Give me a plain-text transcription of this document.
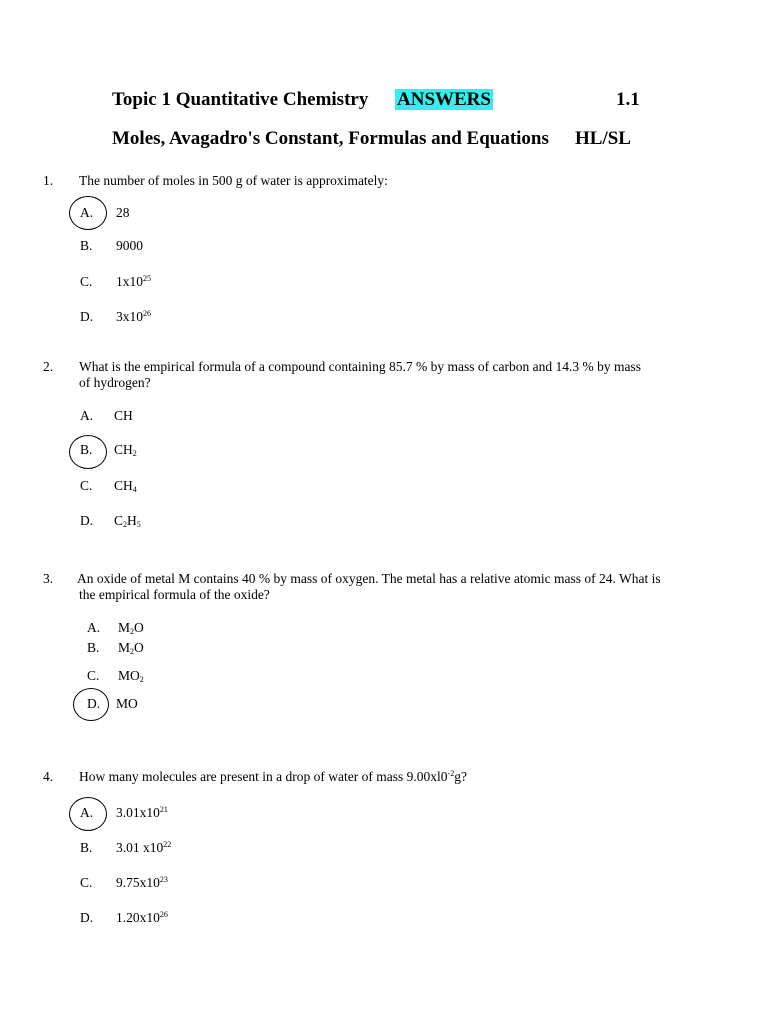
Topic 1 Quantitative Chemistry ANSWERS	1.1
Moles, Avagadro's Constant, Formulas and Equations HL/SL
1. The number of moles in 500 g of water is approximately:
A. 28
B. 9000
C. $1x10^{25}$
D. $3x10^{26}$
2. What is the empirical formula of a compound containing 85.7 % by mass of carbon and 14.3 % by mass
of hydrogen?
A. CH
B. $CH_2$
C. $CH_4$
D. $C_2H_5$
3. An oxide of metal M contains 40 % by mass of oxygen. The metal has a relative atomic mass of 24. What is
the empirical formula of the oxide?
A. $M_2O$
B. $M_2O$
C. $MO_2$
D. MO
4. How many molecules are present in a drop of water of mass $9.00xl0^{-2}g$?
A. $3.01x10^{21}$
B. 3.01 $x10^{22}$
C. $9.75x10^{23}$
D. $1.20x10^{26}$
